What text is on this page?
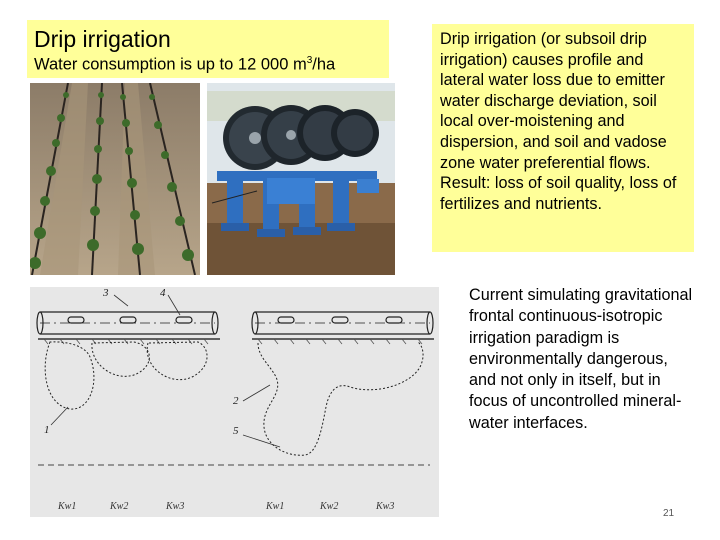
Drip irrigation
Water consumption is up to 12 000 $m^3/ha$
Drip irrigation (or subsoil drip irrigation) causes profile and lateral water loss due to emitter water discharge deviation, soil local over-moistening and dispersion, and soil and vadose zone water preferential flows. Result: loss of soil quality, loss of fertilizes and nutrients.
Current simulating gravitational frontal continuous-isotropic irrigation paradigm is environmentally dangerous, and not only in itself, but in focus of uncontrolled mineral-water interfaces.
3	4
1
2
5
Kw1	Kw2	Kw3	Kw1	Kw2	Kw3
21
